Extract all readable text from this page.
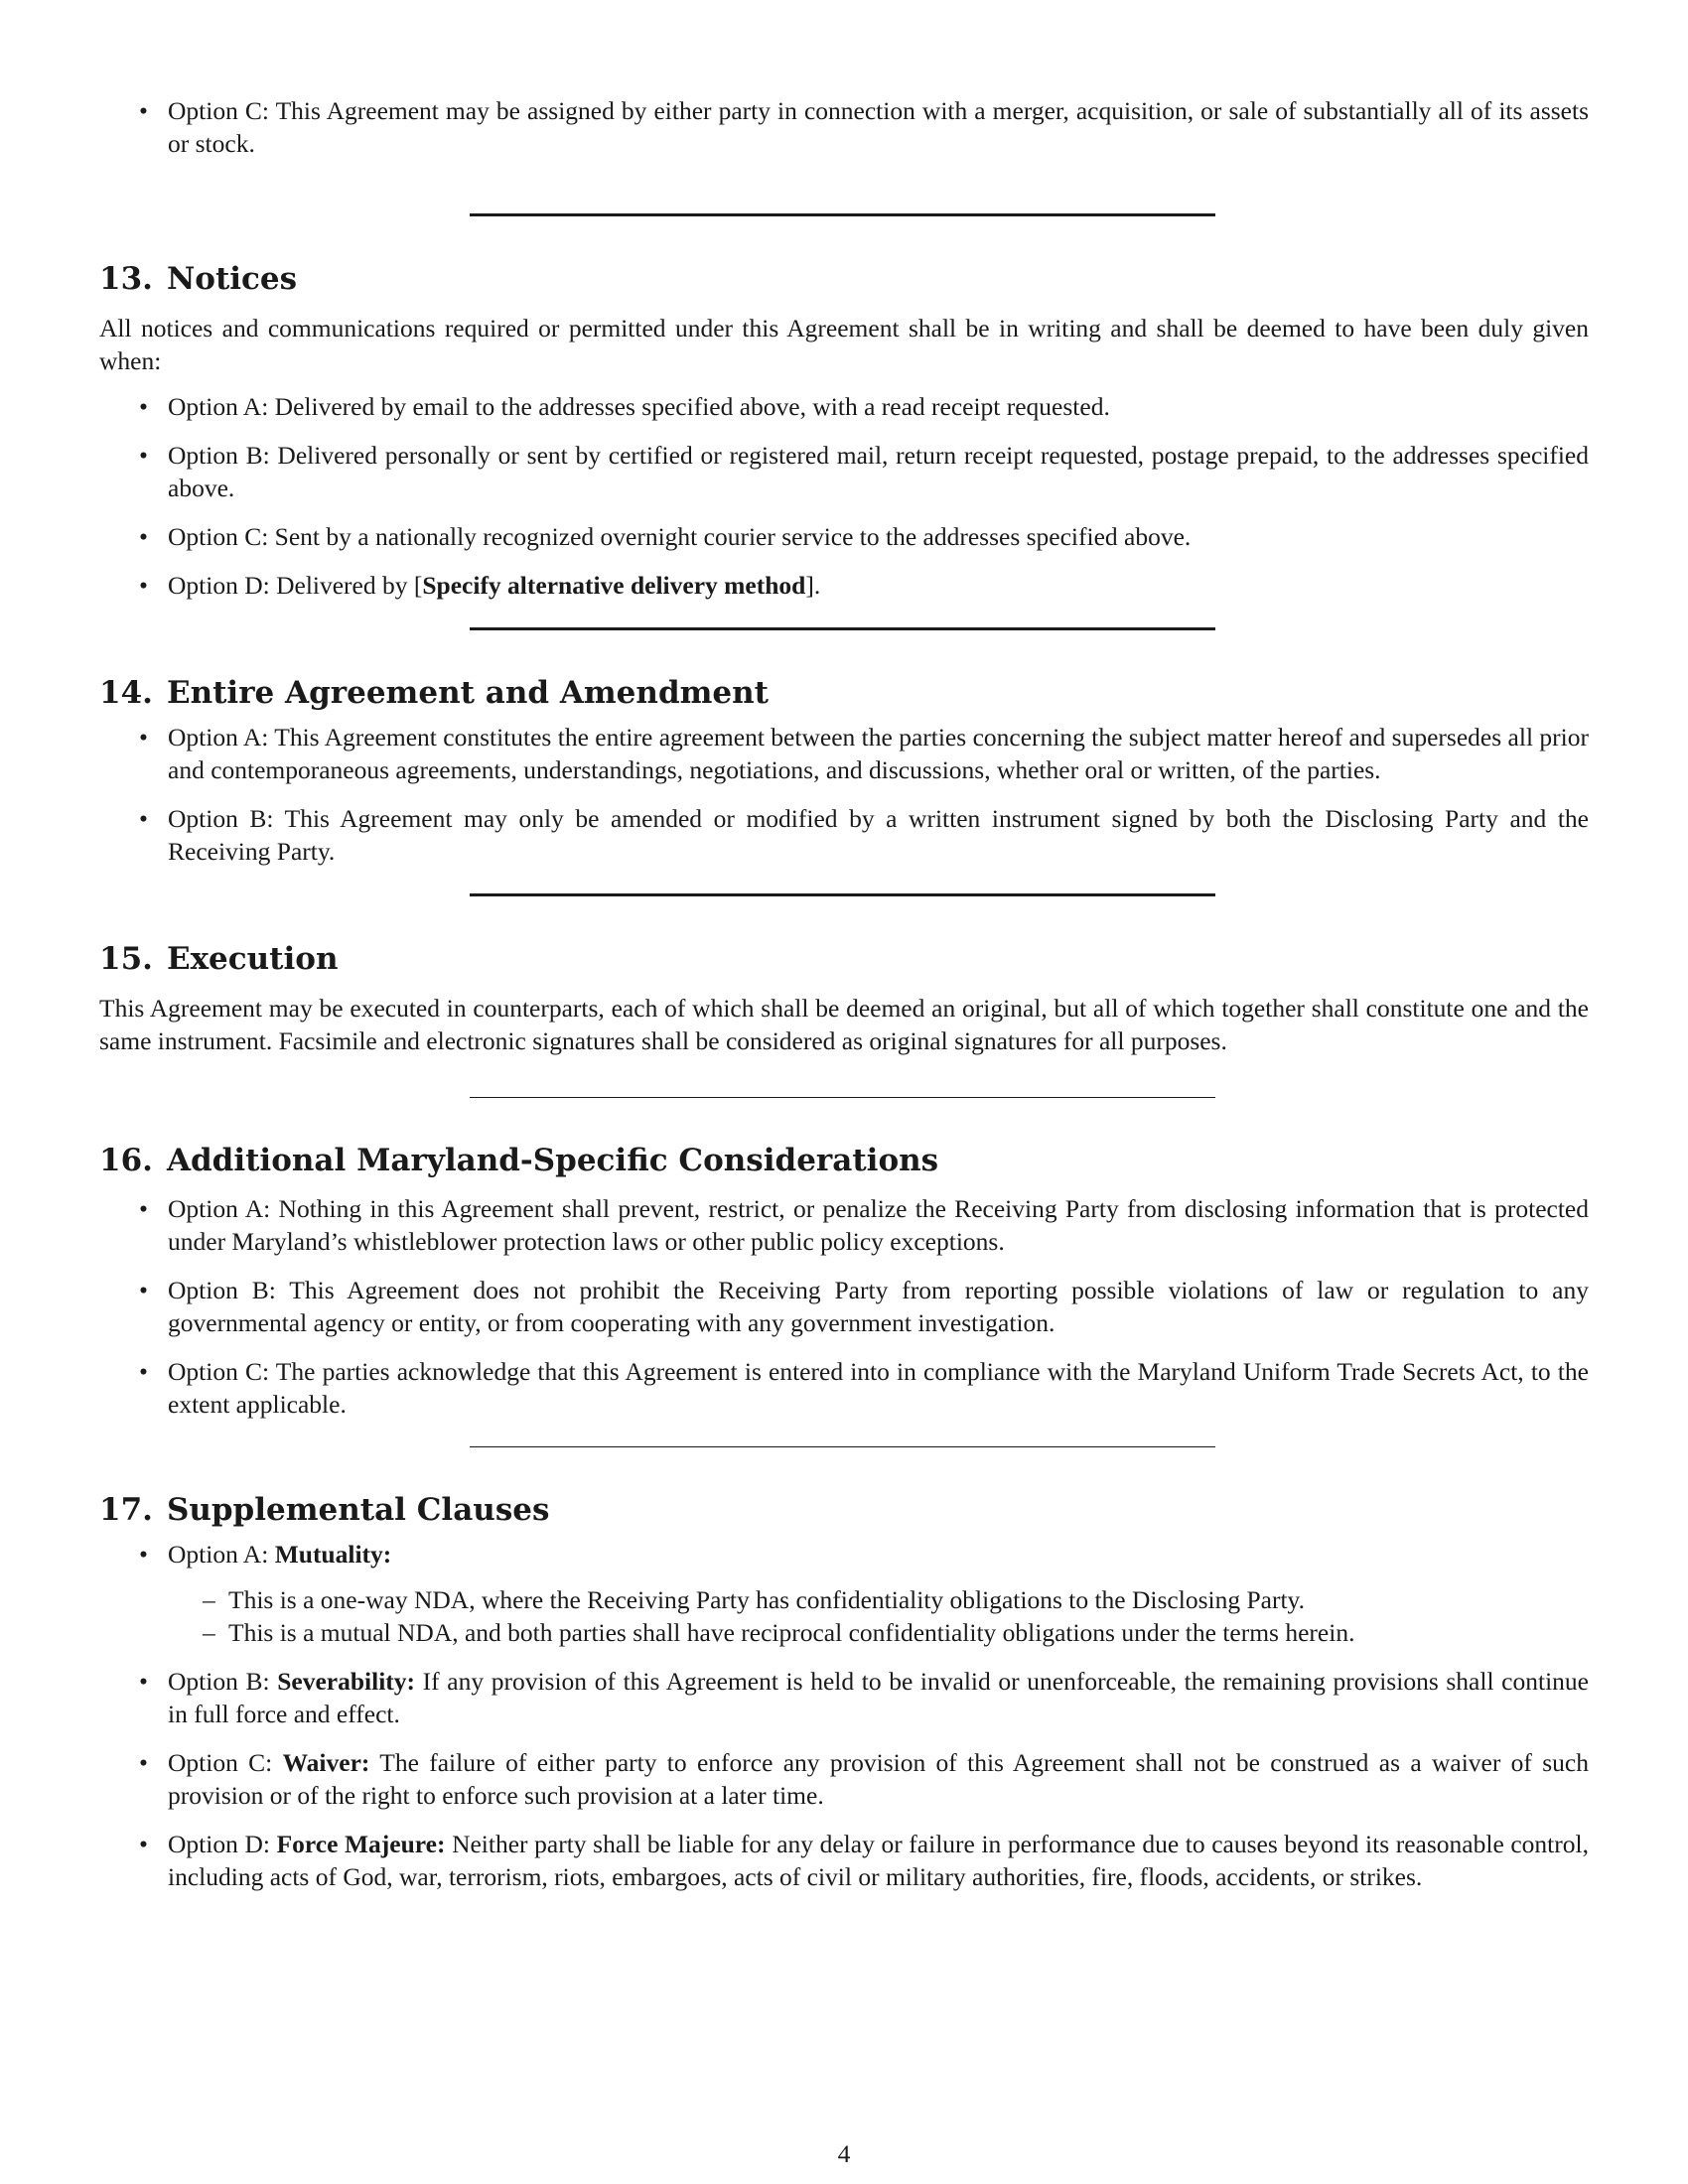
• Option C: This Agreement may be assigned by either party in connection with a merger, acquisition, or sale of substantially all of its assets or stock.
13. Notices

All notices and communications required or permitted under this Agreement shall be in writing and shall be deemed to have been duly given when:

• Option A: Delivered by email to the addresses specified above, with a read receipt requested.
• Option B: Delivered personally or sent by certified or registered mail, return receipt requested, postage prepaid, to the addresses specified above.
• Option C: Sent by a nationally recognized overnight courier service to the addresses specified above.
• Option D: Delivered by [Specify alternative delivery method].
14. Entire Agreement and Amendment
• Option A: This Agreement constitutes the entire agreement between the parties concerning the subject matter hereof and supersedes all prior and contemporaneous agreements, understandings, negotiations, and discussions, whether oral or written, of the parties.
• Option B: This Agreement may only be amended or modified by a written instrument signed by both the Disclosing Party and the Receiving Party.
15. Execution

This Agreement may be executed in counterparts, each of which shall be deemed an original, but all of which together shall constitute one and the same instrument. Facsimile and electronic signatures shall be considered as original signatures for all purposes.

16. Additional Maryland-Specific Considerations
• Option A: Nothing in this Agreement shall prevent, restrict, or penalize the Receiving Party from disclosing information that is protected under Maryland’s whistleblower protection laws or other public policy exceptions.
• Option B: This Agreement does not prohibit the Receiving Party from reporting possible violations of law or regulation to any governmental agency or entity, or from cooperating with any government investigation.
• Option C: The parties acknowledge that this Agreement is entered into in compliance with the Maryland Uniform Trade Secrets Act, to the extent applicable.
17. Supplemental Clauses
• Option A: Mutuality:
– This is a one-way NDA, where the Receiving Party has confidentiality obligations to the Disclosing Party.
– This is a mutual NDA, and both parties shall have reciprocal confidentiality obligations under the terms herein.
• Option B: Severability: If any provision of this Agreement is held to be invalid or unenforceable, the remaining provisions shall continue in full force and effect.
• Option C: Waiver: The failure of either party to enforce any provision of this Agreement shall not be construed as a waiver of such provision or of the right to enforce such provision at a later time.
• Option D: Force Majeure: Neither party shall be liable for any delay or failure in performance due to causes beyond its reasonable control, including acts of God, war, terrorism, riots, embargoes, acts of civil or military authorities, fire, floods, accidents, or strikes.
4
